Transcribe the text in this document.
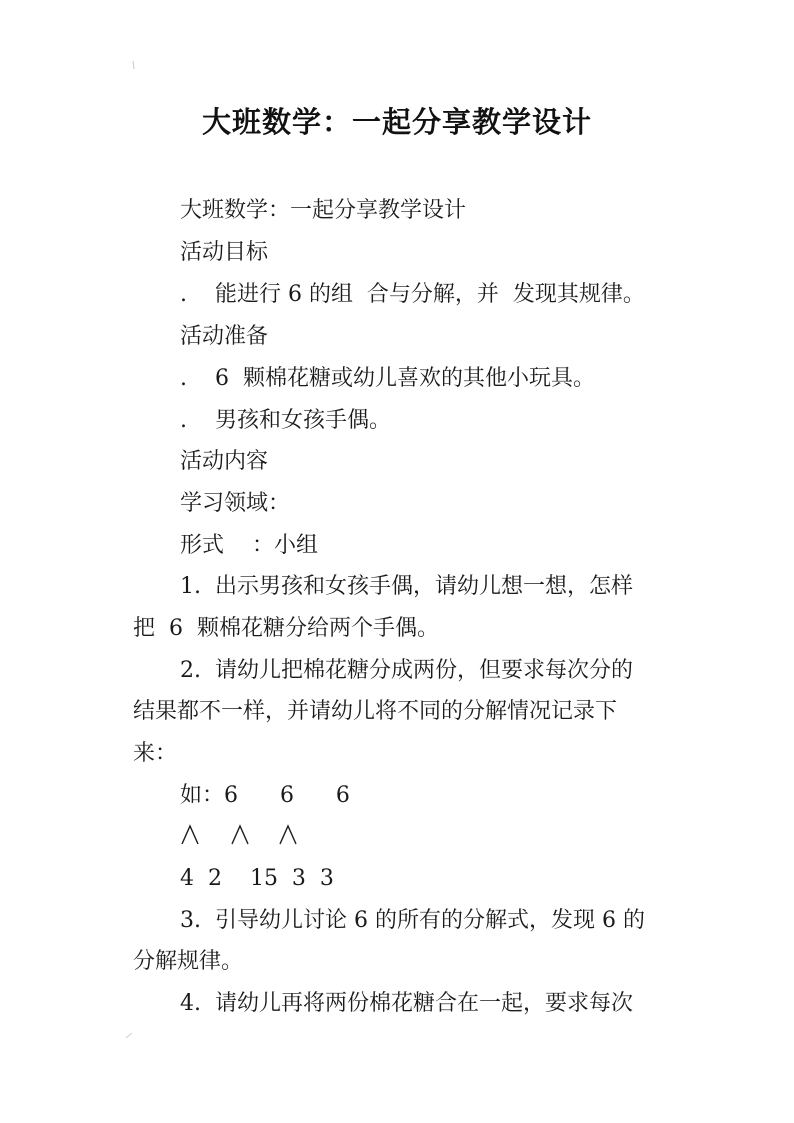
大班数学：一起分享教学设计
大班数学：一起分享教学设计
活动目标
.    能进行 6 的组  合与分解，并  发现其规律。
活动准备
.    6  颗棉花糖或幼儿喜欢的其他小玩具。
.    男孩和女孩手偶。
活动内容
学习领域：
形式    ：小组
1.  出示男孩和女孩手偶，请幼儿想一想，怎样
把  6  颗棉花糖分给两个手偶。
2.  请幼儿把棉花糖分成两份，但要求每次分的
结果都不一样，并请幼儿将不同的分解情况记录下
来：
如：6      6      6
4  2    15  3  3
3.  引导幼儿讨论 6 的所有的分解式，发现 6 的
分解规律。
4.  请幼儿再将两份棉花糖合在一起，要求每次
